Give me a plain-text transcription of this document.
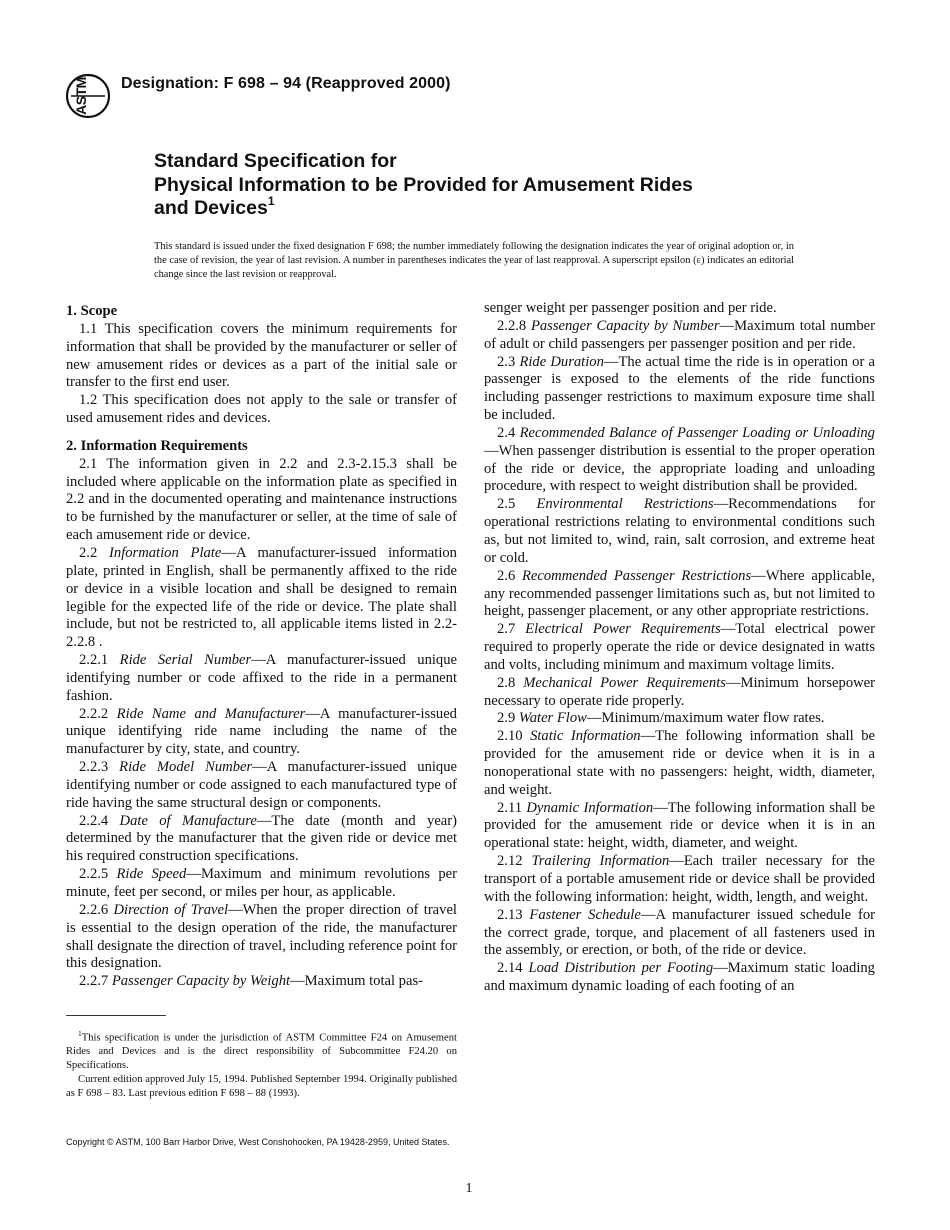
ASTM Designation: F 698 – 94 (Reapproved 2000)
Standard Specification for
Physical Information to be Provided for Amusement Rides
and Devices$^1$
This standard is issued under the fixed designation F 698; the number immediately following the designation indicates the year of original adoption or, in the case of revision, the year of last revision. A number in parentheses indicates the year of last reapproval. A superscript epsilon (ε) indicates an editorial change since the last revision or reapproval.

1. Scope

1.1 This specification covers the minimum requirements for information that shall be provided by the manufacturer or seller of new amusement rides or devices as a part of the initial sale or transfer to the first end user.

1.2 This specification does not apply to the sale or transfer of used amusement rides and devices.

2. Information Requirements

2.1 The information given in 2.2 and 2.3-2.15.3 shall be included where applicable on the information plate as specified in 2.2 and in the documented operating and maintenance instructions to be furnished by the manufacturer or seller, at the time of sale of each amusement ride or device.

2.2 Information Plate—A manufacturer-issued information plate, printed in English, shall be permanently affixed to the ride or device in a visible location and shall be designed to remain legible for the expected life of the ride or device. The plate shall include, but not be restricted to, all applicable items listed in 2.2-2.2.8 .

2.2.1 Ride Serial Number—A manufacturer-issued unique identifying number or code affixed to the ride in a permanent fashion.

2.2.2 Ride Name and Manufacturer—A manufacturer-issued unique identifying ride name including the name of the manufacturer by city, state, and country.

2.2.3 Ride Model Number—A manufacturer-issued unique identifying number or code assigned to each manufactured type of ride having the same structural design or components.

2.2.4 Date of Manufacture—The date (month and year) determined by the manufacturer that the given ride or device met his required construction specifications.

2.2.5 Ride Speed—Maximum and minimum revolutions per minute, feet per second, or miles per hour, as applicable.

2.2.6 Direction of Travel—When the proper direction of travel is essential to the design operation of the ride, the manufacturer shall designate the direction of travel, including reference point for this designation.

2.2.7 Passenger Capacity by Weight—Maximum total pas-

$^1$This specification is under the jurisdiction of ASTM Committee F24 on Amusement Rides and Devices and is the direct responsibility of Subcommittee F24.20 on Specifications.

Current edition approved July 15, 1994. Published September 1994. Originally published as F 698 – 83. Last previous edition F 698 – 88 (1993).

senger weight per passenger position and per ride.

2.2.8 Passenger Capacity by Number—Maximum total number of adult or child passengers per passenger position and per ride.

2.3 Ride Duration—The actual time the ride is in operation or a passenger is exposed to the elements of the ride functions including passenger restrictions to maximum exposure time shall be included.

2.4 Recommended Balance of Passenger Loading or Unloading—When passenger distribution is essential to the proper operation of the ride or device, the appropriate loading and unloading procedure, with respect to weight distribution shall be provided.

2.5 Environmental Restrictions—Recommendations for operational restrictions relating to environmental conditions such as, but not limited to, wind, rain, salt corrosion, and extreme heat or cold.

2.6 Recommended Passenger Restrictions—Where applicable, any recommended passenger limitations such as, but not limited to height, passenger placement, or any other appropriate restrictions.

2.7 Electrical Power Requirements—Total electrical power required to properly operate the ride or device designated in watts and volts, including minimum and maximum voltage limits.

2.8 Mechanical Power Requirements—Minimum horsepower necessary to operate ride properly.

2.9 Water Flow—Minimum/maximum water flow rates.

2.10 Static Information—The following information shall be provided for the amusement ride or device when it is in a nonoperational state with no passengers: height, width, diameter, and weight.

2.11 Dynamic Information—The following information shall be provided for the amusement ride or device when it is in an operational state: height, width, diameter, and weight.

2.12 Trailering Information—Each trailer necessary for the transport of a portable amusement ride or device shall be provided with the following information: height, width, length, and weight.

2.13 Fastener Schedule—A manufacturer issued schedule for the correct grade, torque, and placement of all fasteners used in the assembly, or erection, or both, of the ride or device.

2.14 Load Distribution per Footing—Maximum static loading and maximum dynamic loading of each footing of an

Copyright © ASTM, 100 Barr Harbor Drive, West Conshohocken, PA 19428-2959, United States.
1
